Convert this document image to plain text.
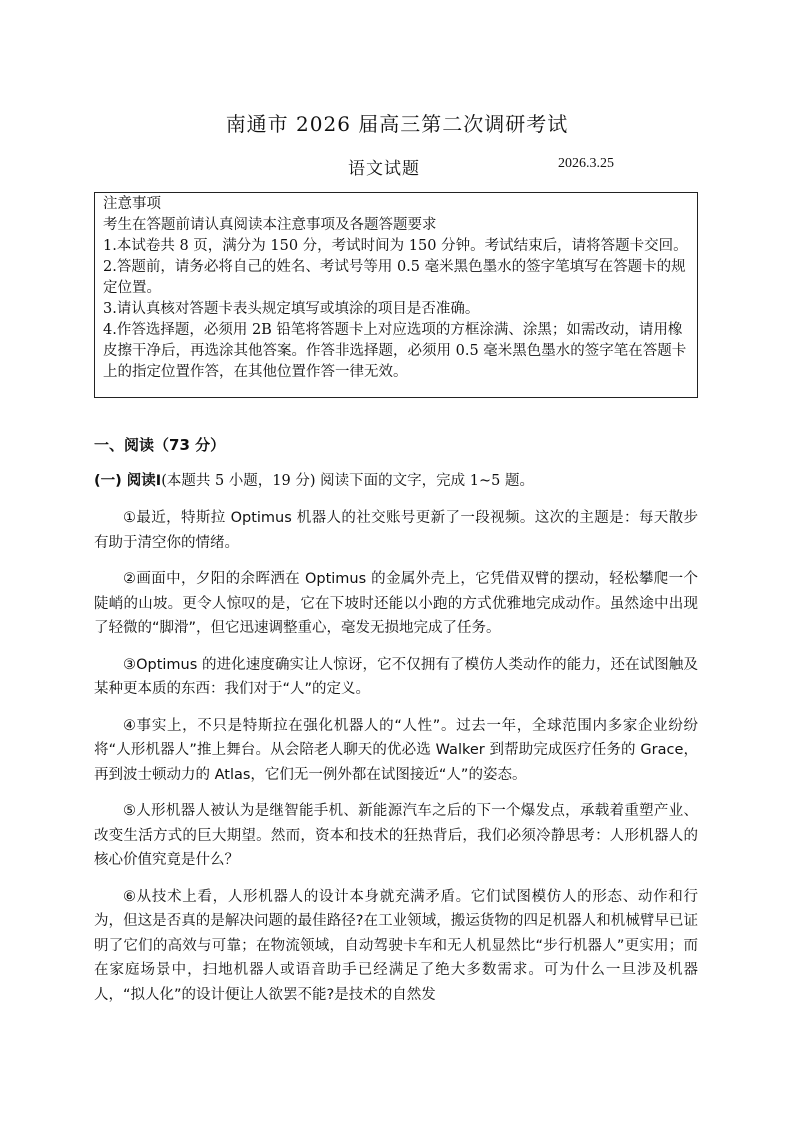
南通市 2026 届高三第二次调研考试
语文试题	2026.3.25
注意事项
考生在答题前请认真阅读本注意事项及各题答题要求
1.本试卷共 8 页，满分为 150 分，考试时间为 150 分钟。考试结束后，请将答题卡交回。
2.答题前，请务必将自己的姓名、考试号等用 0.5 毫米黑色墨水的签字笔填写在答题卡的规定位置。
3.请认真核对答题卡表头规定填写或填涂的项目是否准确。
4.作答选择题，必须用 2B 铅笔将答题卡上对应选项的方框涂满、涂黑；如需改动，请用橡皮擦干净后，再选涂其他答案。作答非选择题，必须用 0.5 毫米黑色墨水的签字笔在答题卡上的指定位置作答，在其他位置作答一律无效。
一、阅读（73 分）
(一) 阅读Ⅰ(本题共 5 小题，19 分) 阅读下面的文字，完成 1~5 题。

①最近，特斯拉 Optimus 机器人的社交账号更新了一段视频。这次的主题是：每天散步有助于清空你的情绪。

②画面中，夕阳的余晖洒在 Optimus 的金属外壳上，它凭借双臂的摆动，轻松攀爬一个陡峭的山坡。更令人惊叹的是，它在下坡时还能以小跑的方式优雅地完成动作。虽然途中出现了轻微的“脚滑”，但它迅速调整重心，毫发无损地完成了任务。

③Optimus 的进化速度确实让人惊讶，它不仅拥有了模仿人类动作的能力，还在试图触及某种更本质的东西：我们对于“人”的定义。

④事实上，不只是特斯拉在强化机器人的“人性”。过去一年，全球范围内多家企业纷纷将“人形机器人”推上舞台。从会陪老人聊天的优必选 Walker 到帮助完成医疗任务的 Grace，再到波士顿动力的 Atlas，它们无一例外都在试图接近“人”的姿态。

⑤人形机器人被认为是继智能手机、新能源汽车之后的下一个爆发点，承载着重塑产业、改变生活方式的巨大期望。然而，资本和技术的狂热背后，我们必须冷静思考：人形机器人的核心价值究竟是什么？

⑥从技术上看，人形机器人的设计本身就充满矛盾。它们试图模仿人的形态、动作和行为，但这是否真的是解决问题的最佳路径?在工业领域，搬运货物的四足机器人和机械臂早已证明了它们的高效与可靠；在物流领域，自动驾驶卡车和无人机显然比“步行机器人”更实用；而在家庭场景中，扫地机器人或语音助手已经满足了绝大多数需求。可为什么一旦涉及机器人，“拟人化”的设计便让人欲罢不能?是技术的自然发
